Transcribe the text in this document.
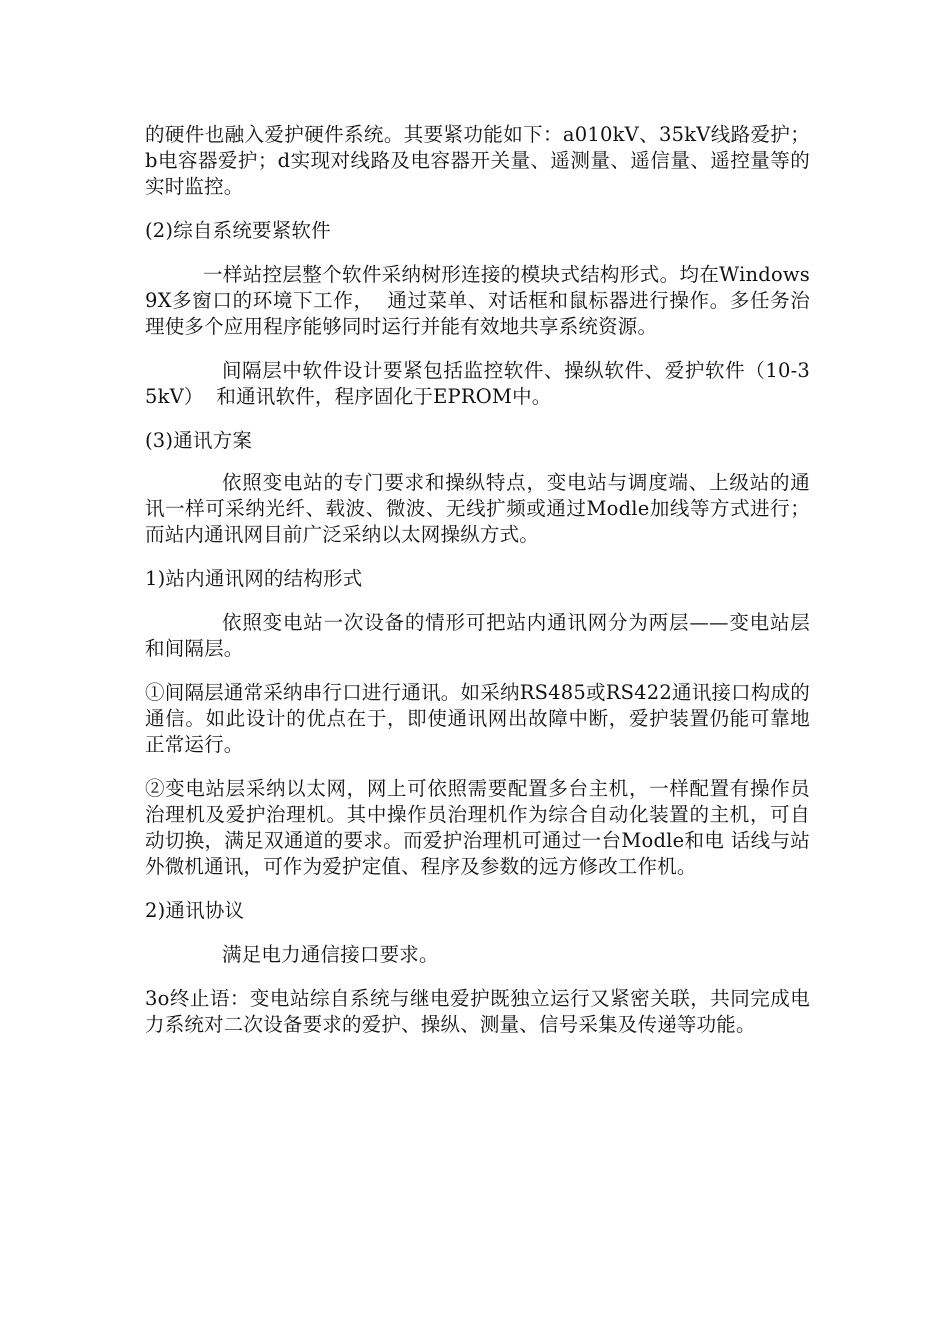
的硬件也融入爱护硬件系统。其要紧功能如下：a010kV、35kV线路爱护；b电容器爱护；d实现对线路及电容器开关量、遥测量、遥信量、遥控量等的实时监控。

(2)综自系统要紧软件

一样站控层整个软件采纳树形连接的模块式结构形式。均在Windows9X多窗口的环境下工作，  通过菜单、对话框和鼠标器进行操作。多任务治理使多个应用程序能够同时运行并能有效地共享系统资源。

间隔层中软件设计要紧包括监控软件、操纵软件、爱护软件（10-35kV）  和通讯软件，程序固化于EPROM中。

(3)通讯方案

依照变电站的专门要求和操纵特点，变电站与调度端、上级站的通讯一样可采纳光纤、载波、微波、无线扩频或通过Modle加线等方式进行；而站内通讯网目前广泛采纳以太网操纵方式。

1)站内通讯网的结构形式

依照变电站一次设备的情形可把站内通讯网分为两层——变电站层和间隔层。

①间隔层通常采纳串行口进行通讯。如采纳RS485或RS422通讯接口构成的通信。如此设计的优点在于，即使通讯网出故障中断，爱护装置仍能可靠地正常运行。

②变电站层采纳以太网，网上可依照需要配置多台主机，一样配置有操作员治理机及爱护治理机。其中操作员治理机作为综合自动化装置的主机，可自动切换，满足双通道的要求。而爱护治理机可通过一台Modle和电 话线与站外微机通讯，可作为爱护定值、程序及参数的远方修改工作机。

2)通讯协议

满足电力通信接口要求。

3o终止语：变电站综自系统与继电爱护既独立运行又紧密关联，共同完成电力系统对二次设备要求的爱护、操纵、测量、信号采集及传递等功能。
